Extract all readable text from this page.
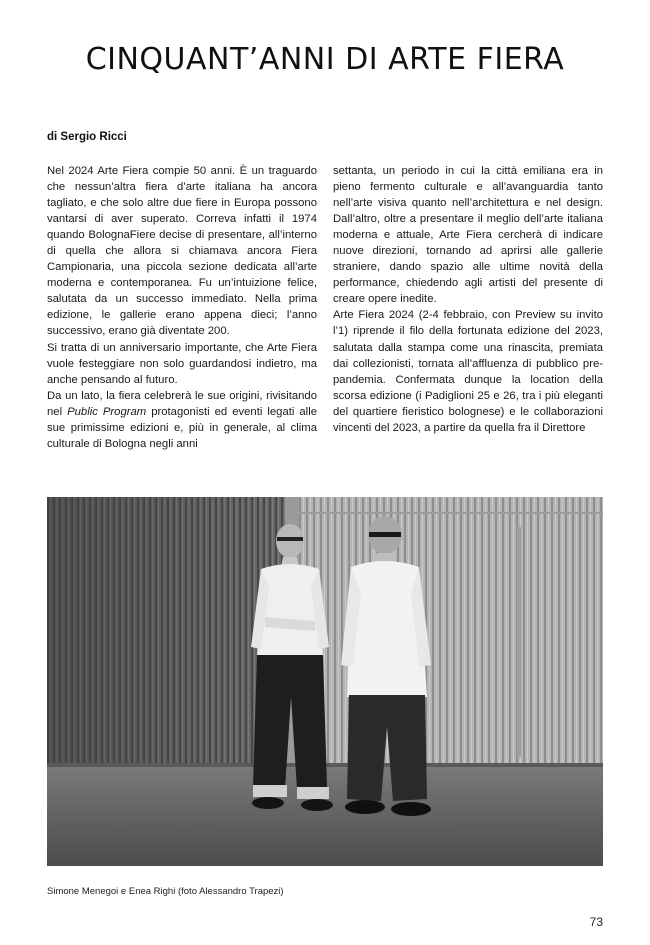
CINQUANT’ANNI DI ARTE FIERA
di Sergio Ricci

Nel 2024 Arte Fiera compie 50 anni. È un traguardo che nessun’altra fiera d’arte italiana ha ancora tagliato, e che solo altre due fiere in Europa possono vantarsi di aver superato. Correva infatti il 1974 quando BolognaFiere decise di presentare, all’interno di quella che allora si chiamava ancora Fiera Campionaria, una piccola sezione dedicata all’arte moderna e contemporanea. Fu un’intuizione felice, salutata da un successo immediato. Nella prima edizione, le gallerie erano appena dieci; l’anno successivo, erano già diventate 200.

Si tratta di un anniversario importante, che Arte Fiera vuole festeggiare non solo guardandosi indietro, ma anche pensando al futuro.

Da un lato, la fiera celebrerà le sue origini, rivisitando nel Public Program protagonisti ed eventi legati alle sue primissime edizioni e, più in generale, al clima culturale di Bologna negli anni

settanta, un periodo in cui la città emiliana era in pieno fermento culturale e all’avanguardia tanto nell’arte visiva quanto nell’architettura e nel design. Dall’altro, oltre a presentare il meglio dell’arte italiana moderna e attuale, Arte Fiera cercherà di indicare nuove direzioni, tornando ad aprirsi alle gallerie straniere, dando spazio alle ultime novità della performance, chiedendo agli artisti del presente di creare opere inedite.

Arte Fiera 2024 (2-4 febbraio, con Preview su invito l’1) riprende il filo della fortunata edizione del 2023, salutata dalla stampa come una rinascita, premiata dai collezionisti, tornata all’affluenza di pubblico pre-pandemia. Confermata dunque la location della scorsa edizione (i Padiglioni 25 e 26, tra i più eleganti del quartiere fieristico bolognese) e le collaborazioni vincenti del 2023, a partire da quella fra il Direttore

Simone Menegoi e Enea Righi (foto Alessandro Trapezi)
73
